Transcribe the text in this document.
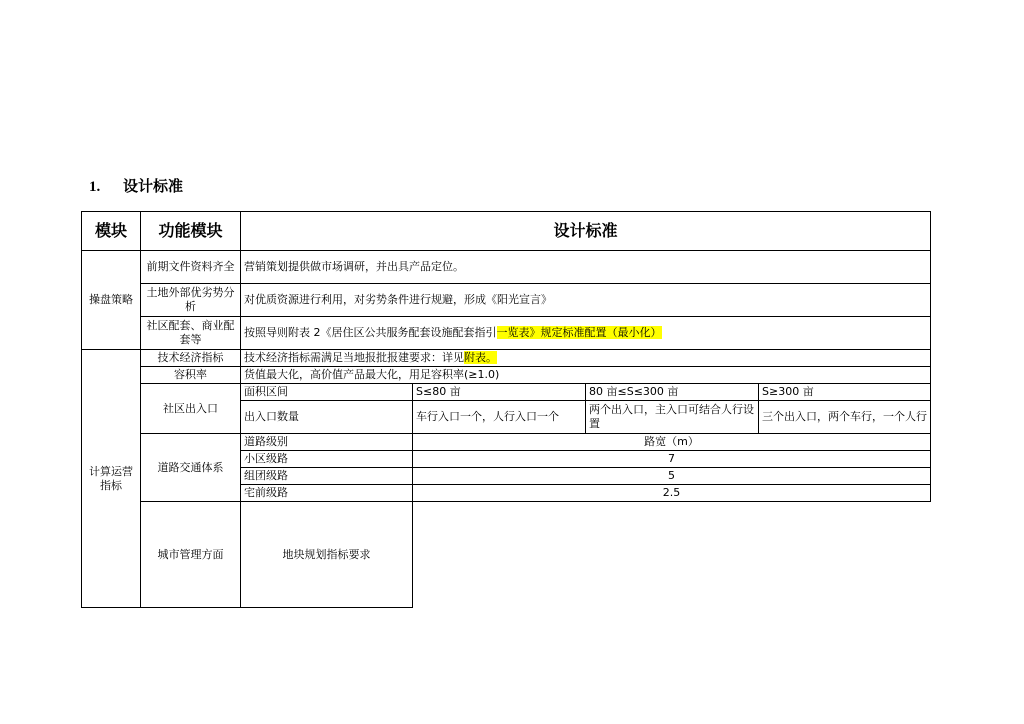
1. 设计标准
模块	功能模块	设计标准			
操盘策略	前期文件资料齐全	营销策划提供做市场调研，并出具产品定位。			
	土地外部优劣势分析	对优质资源进行利用，对劣势条件进行规避，形成《阳光宣言》			
	社区配套、商业配套等	按照导则附表 2《居住区公共服务配套设施配套指引一览表》规定标准配置（最小化）			
计算运营指标	技术经济指标	技术经济指标需满足当地报批报建要求：详见附表。			
	容积率	货值最大化，高价值产品最大化，用足容积率(≥1.0)			
	社区出入口	面积区间	S≤80 亩	80 亩≤S≤300 亩	S≥300 亩
		出入口数量	车行入口一个，人行入口一个	两个出入口，主入口可结合人行设置	三个出入口，两个车行，一个人行
	道路交通体系	道路级别	路宽（m）		
		小区级路	7		
		组团级路	5		
		宅前级路	2.5		
	城市管理方面	地块规划指标要求			
